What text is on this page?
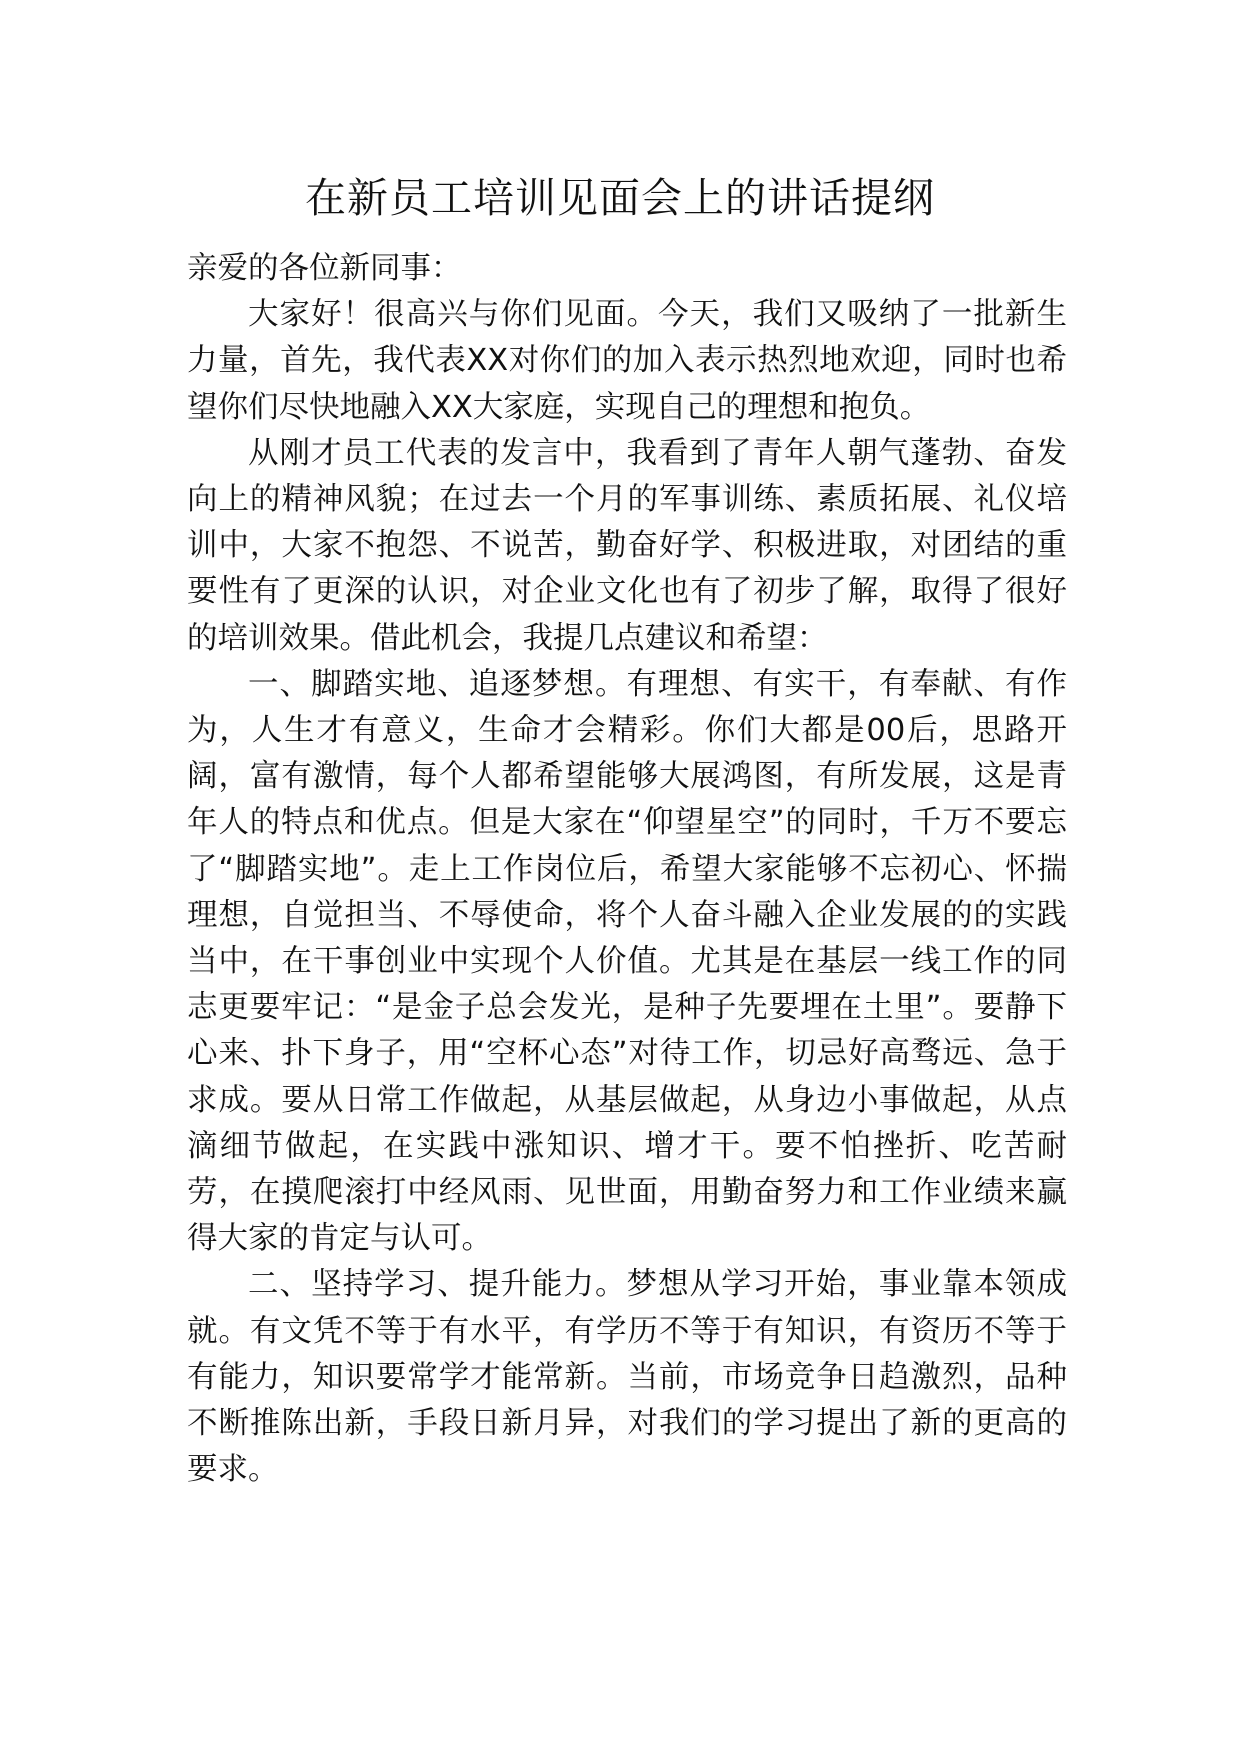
在新员工培训见面会上的讲话提纲

亲爱的各位新同事：

大家好！很高兴与你们见面。今天，我们又吸纳了一批新生力量，首先，我代表XX对你们的加入表示热烈地欢迎，同时也希望你们尽快地融入XX大家庭，实现自己的理想和抱负。

从刚才员工代表的发言中，我看到了青年人朝气蓬勃、奋发向上的精神风貌；在过去一个月的军事训练、素质拓展、礼仪培训中，大家不抱怨、不说苦，勤奋好学、积极进取，对团结的重要性有了更深的认识，对企业文化也有了初步了解，取得了很好的培训效果。借此机会，我提几点建议和希望：

一、脚踏实地、追逐梦想。有理想、有实干，有奉献、有作为，人生才有意义，生命才会精彩。你们大都是00后，思路开阔，富有激情，每个人都希望能够大展鸿图，有所发展，这是青年人的特点和优点。但是大家在“仰望星空”的同时，千万不要忘了“脚踏实地”。走上工作岗位后，希望大家能够不忘初心、怀揣理想，自觉担当、不辱使命，将个人奋斗融入企业发展的的实践当中，在干事创业中实现个人价值。尤其是在基层一线工作的同志更要牢记：“是金子总会发光，是种子先要埋在土里”。要静下心来、扑下身子，用“空杯心态”对待工作，切忌好高骛远、急于求成。要从日常工作做起，从基层做起，从身边小事做起，从点滴细节做起，在实践中涨知识、增才干。要不怕挫折、吃苦耐劳，在摸爬滚打中经风雨、见世面，用勤奋努力和工作业绩来赢得大家的肯定与认可。

二、坚持学习、提升能力。梦想从学习开始，事业靠本领成就。有文凭不等于有水平，有学历不等于有知识，有资历不等于有能力，知识要常学才能常新。当前，市场竞争日趋激烈，品种不断推陈出新，手段日新月异，对我们的学习提出了新的更高的要求。
